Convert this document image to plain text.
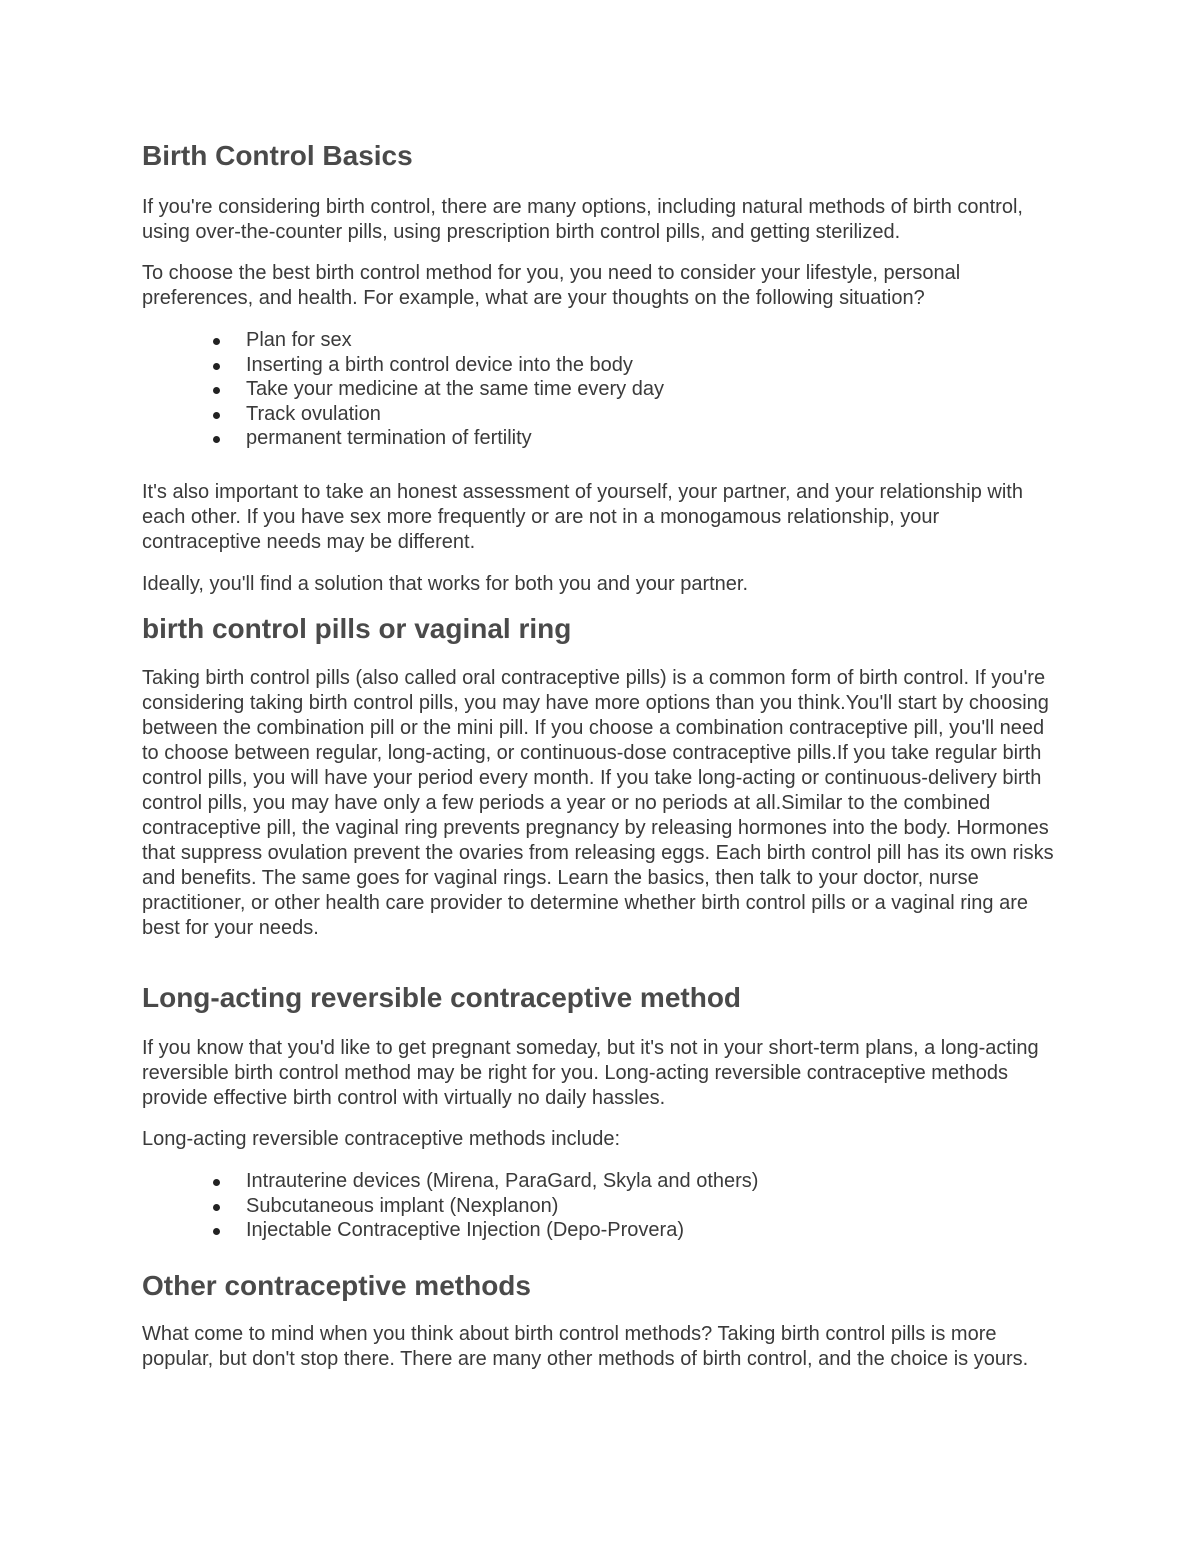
Birth Control Basics

If you're considering birth control, there are many options, including natural methods of birth control, using over-the-counter pills, using prescription birth control pills, and getting sterilized.

To choose the best birth control method for you, you need to consider your lifestyle, personal preferences, and health. For example, what are your thoughts on the following situation?

Plan for sex
Inserting a birth control device into the body
Take your medicine at the same time every day
Track ovulation
permanent termination of fertility

It's also important to take an honest assessment of yourself, your partner, and your relationship with each other. If you have sex more frequently or are not in a monogamous relationship, your contraceptive needs may be different.

Ideally, you'll find a solution that works for both you and your partner.

birth control pills or vaginal ring

Taking birth control pills (also called oral contraceptive pills) is a common form of birth control. If you're considering taking birth control pills, you may have more options than you think.You'll start by choosing between the combination pill or the mini pill. If you choose a combination contraceptive pill, you'll need to choose between regular, long-acting, or continuous-dose contraceptive pills.If you take regular birth control pills, you will have your period every month. If you take long-acting or continuous-delivery birth control pills, you may have only a few periods a year or no periods at all.Similar to the combined contraceptive pill, the vaginal ring prevents pregnancy by releasing hormones into the body. Hormones that suppress ovulation prevent the ovaries from releasing eggs. Each birth control pill has its own risks and benefits. The same goes for vaginal rings. Learn the basics, then talk to your doctor, nurse practitioner, or other health care provider to determine whether birth control pills or a vaginal ring are best for your needs.

Long-acting reversible contraceptive method

If you know that you'd like to get pregnant someday, but it's not in your short-term plans, a long-acting reversible birth control method may be right for you. Long-acting reversible contraceptive methods provide effective birth control with virtually no daily hassles.

Long-acting reversible contraceptive methods include:

Intrauterine devices (Mirena, ParaGard, Skyla and others)
Subcutaneous implant (Nexplanon)
Injectable Contraceptive Injection (Depo-Provera)
Other contraceptive methods

What come to mind when you think about birth control methods? Taking birth control pills is more popular, but don't stop there. There are many other methods of birth control, and the choice is yours.
